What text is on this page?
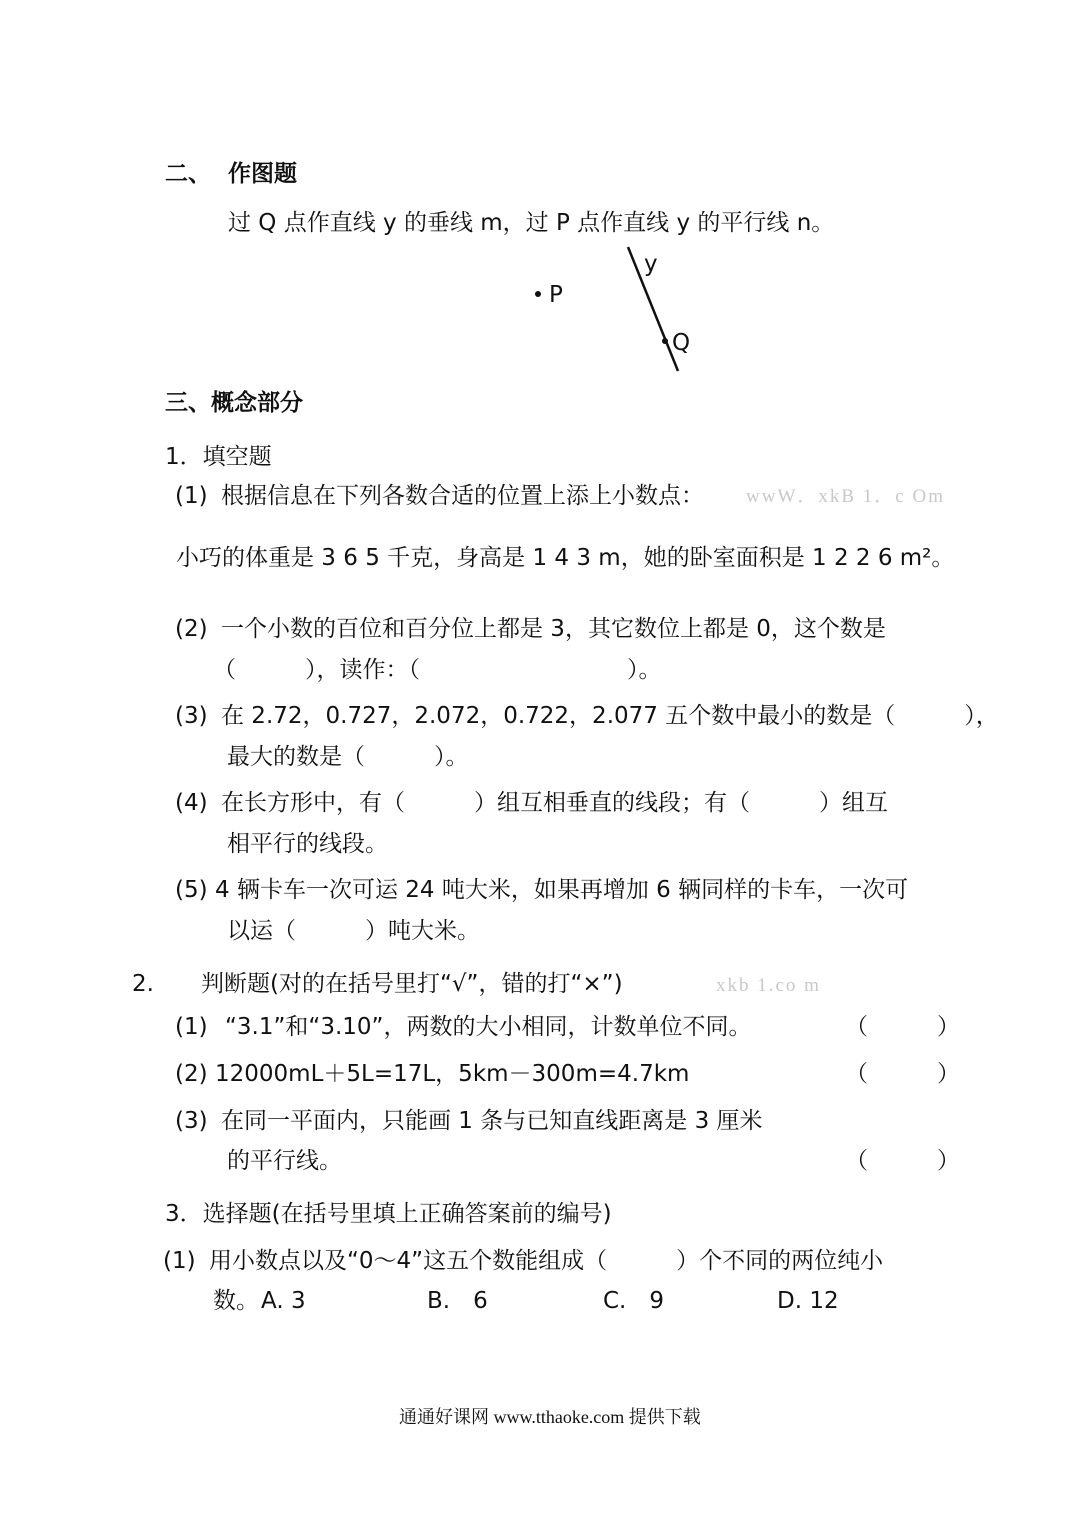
二、 作图题
过 Q 点作直线 y 的垂线 m，过 P 点作直线 y 的平行线 n。
y
P
Q
三、概念部分
1．填空题
(1) 根据信息在下列各数合适的位置上添上小数点： wwW．xkB 1．c Om
小巧的体重是 3 6 5 千克，身高是 1 4 3 m，她的卧室面积是 1 2 2 6 m²。
(2) 一个小数的百位和百分位上都是 3，其它数位上都是 0，这个数是
（　　　），读作：（　　　　　　　　　）。
(3) 在 2.72，0.727，2.072，0.722，2.077 五个数中最小的数是（　　　），
最大的数是（　　　）。
(4) 在长方形中，有（　　　）组互相垂直的线段；有（　　　）组互
相平行的线段。
(5) 4 辆卡车一次可运 24 吨大米，如果再增加 6 辆同样的卡车，一次可
以运（　　　）吨大米。
2. 判断题(对的在括号里打“√”，错的打“×”)	xkb 1.co m
(1) “3.1”和“3.10”，两数的大小相同，计数单位不同。	（　　　）
(2) 12000mL＋5L=17L，5km－300m=4.7km	（　　　）
(3) 在同一平面内，只能画 1 条与已知直线距离是 3 厘米
的平行线。	（　　　）
3．选择题(在括号里填上正确答案前的编号)
(1) 用小数点以及“0～4”这五个数能组成（　　　）个不同的两位纯小
数。 A. 3	B.　6	C.　9	D. 12
通通好课网 www.tthaoke.com 提供下载
